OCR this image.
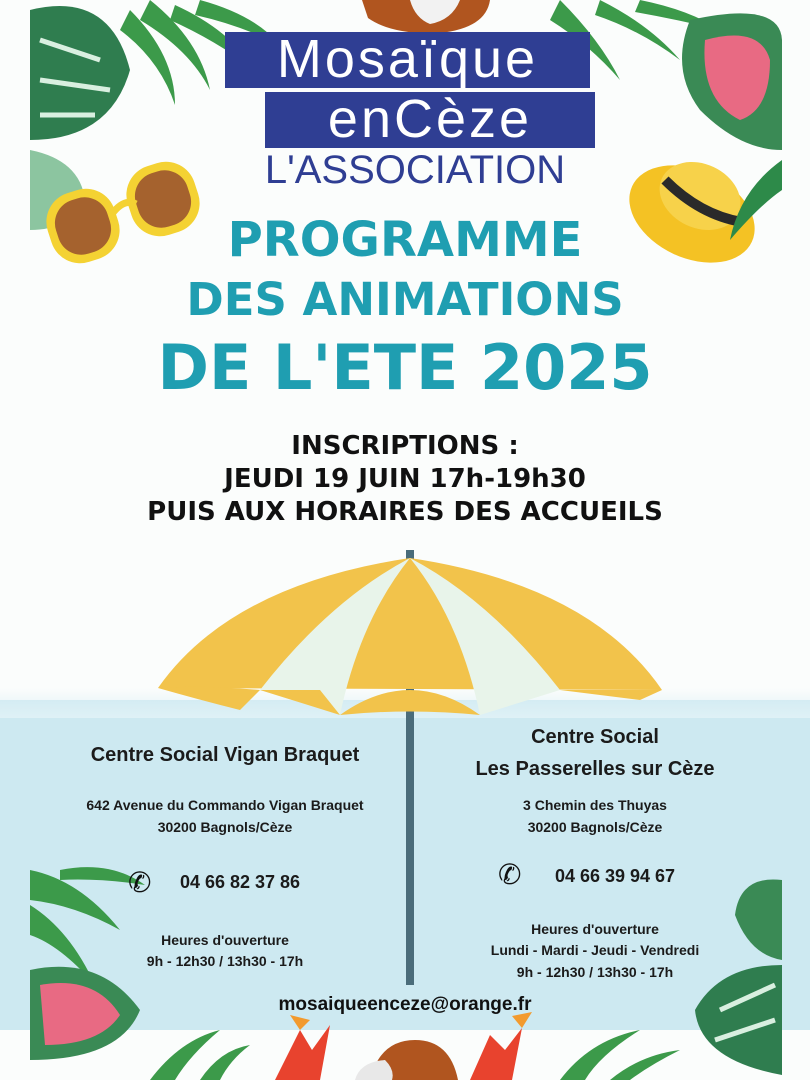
Mosaïque
enCèze
L'ASSOCIATION
PROGRAMME
DES ANIMATIONS
DE L'ETE 2025
INSCRIPTIONS :
JEUDI 19 JUIN 17h-19h30
PUIS AUX HORAIRES DES ACCUEILS
Centre Social Vigan Braquet
642 Avenue du Commando Vigan Braquet
30200 Bagnols/Cèze
✆	04 66 82 37 86
Heures d'ouverture
9h - 12h30 / 13h30 - 17h
Centre Social
Les Passerelles sur Cèze
3 Chemin des Thuyas
30200 Bagnols/Cèze
✆	04 66 39 94 67
Heures d'ouverture
Lundi - Mardi - Jeudi - Vendredi
9h - 12h30 / 13h30 - 17h
mosaiqueenceze@orange.fr
